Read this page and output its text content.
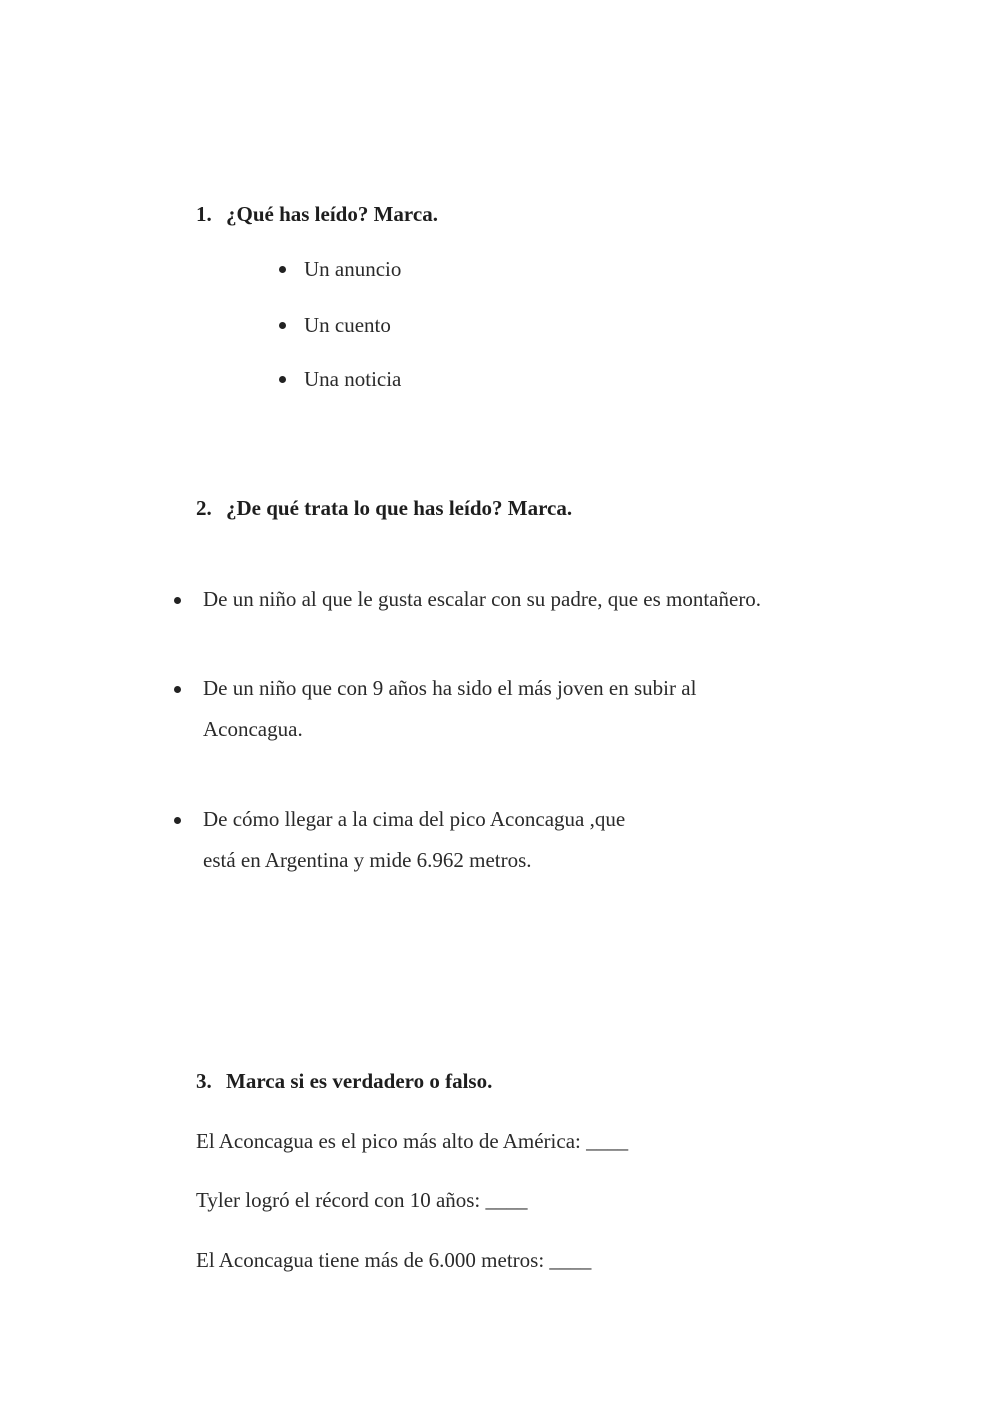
1. ¿Qué has leído? Marca.
Un anuncio
Un cuento
Una noticia
2. ¿De qué trata lo que has leído? Marca.
De un niño al que le gusta escalar con su padre, que es montañero.
De un niño que con 9 años ha sido el más joven en subir al
Aconcagua.
De cómo llegar a la cima del pico Aconcagua ,que
está en Argentina y mide 6.962 metros.
3. Marca si es verdadero o falso.
El Aconcagua es el pico más alto de América: ____
Tyler logró el récord con 10 años: ____
El Aconcagua tiene más de 6.000 metros: ____
